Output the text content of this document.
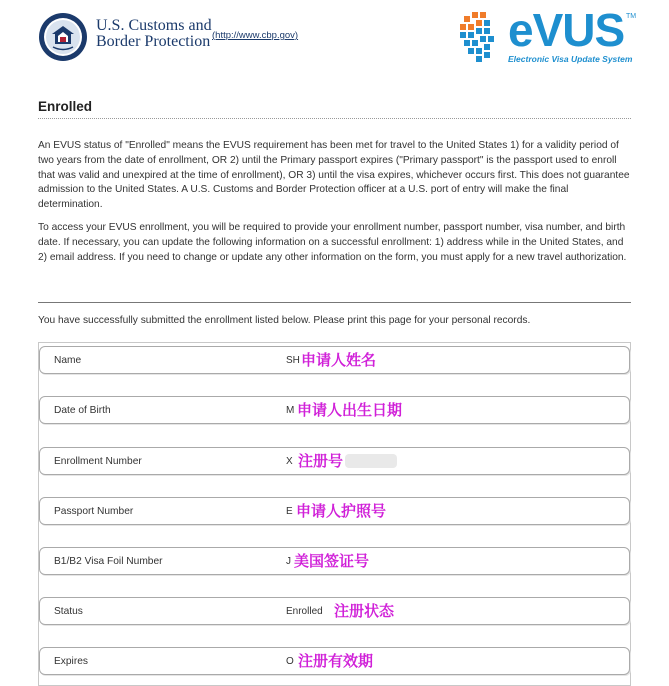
U.S. Customs and
Border Protection (http://www.cbp.gov)	eVUS TM
Electronic Visa Update System
Enrolled

An EVUS status of "Enrolled" means the EVUS requirement has been met for travel to the United States 1) for a validity period of two years from the date of enrollment, OR 2) until the Primary passport expires ("Primary passport" is the passport used to enroll that was valid and unexpired at the time of enrollment), OR 3) until the visa expires, whichever occurs first. This does not guarantee admission to the United States. A U.S. Customs and Border Protection officer at a U.S. port of entry will make the final determination.

To access your EVUS enrollment, you will be required to provide your enrollment number, passport number, visa number, and birth date. If necessary, you can update the following information on a successful enrollment: 1) address while in the United States, and 2) email address. If you need to change or update any other information on the form, you must apply for a new travel authorization.

You have successfully submitted the enrollment listed below. Please print this page for your personal records.
Name	SH 申请人姓名
Date of Birth	M 申请人出生日期
Enrollment Number	X 注册号
Passport Number	E 申请人护照号
B1/B2 Visa Foil Number	J 美国签证号
Status	Enrolled 注册状态
Expires	O 注册有效期
